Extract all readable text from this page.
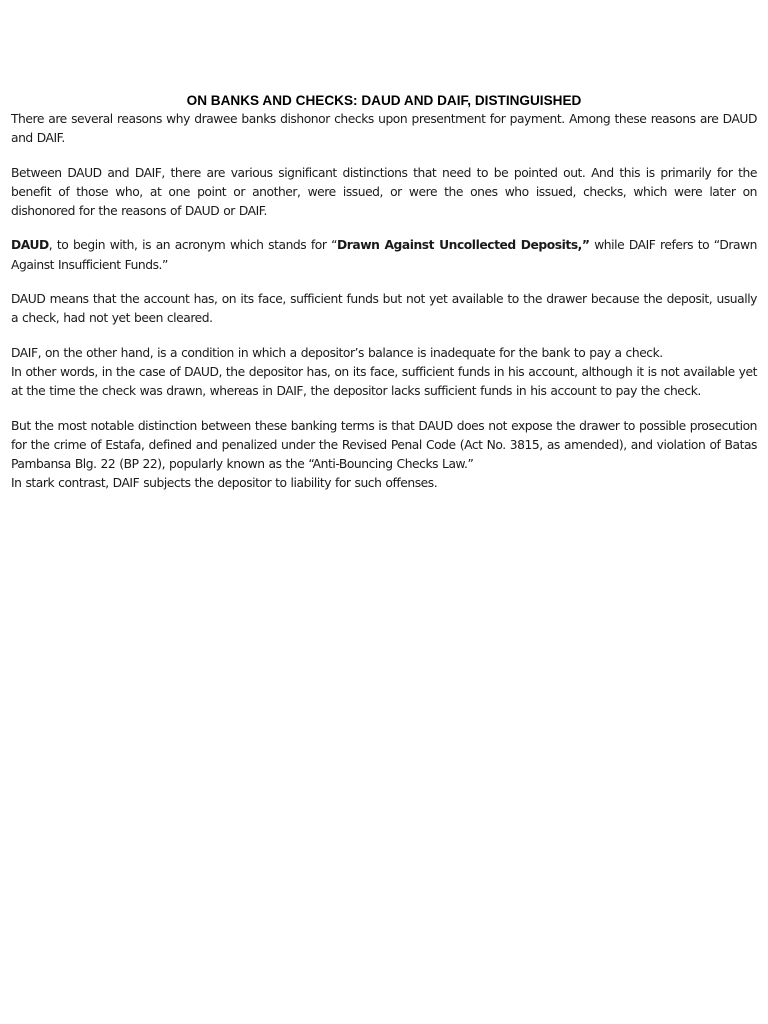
ON BANKS AND CHECKS: DAUD AND DAIF, DISTINGUISHED

There are several reasons why drawee banks dishonor checks upon presentment for payment. Among these reasons are DAUD and DAIF.

Between DAUD and DAIF, there are various significant distinctions that need to be pointed out. And this is primarily for the benefit of those who, at one point or another, were issued, or were the ones who issued, checks, which were later on dishonored for the reasons of DAUD or DAIF.

DAUD, to begin with, is an acronym which stands for “Drawn Against Uncollected Deposits,” while DAIF refers to “Drawn Against Insufficient Funds.”

DAUD means that the account has, on its face, sufficient funds but not yet available to the drawer because the deposit, usually a check, had not yet been cleared.

DAIF, on the other hand, is a condition in which a depositor’s balance is inadequate for the bank to pay a check.
In other words, in the case of DAUD, the depositor has, on its face, sufficient funds in his account, although it is not available yet at the time the check was drawn, whereas in DAIF, the depositor lacks sufficient funds in his account to pay the check.

But the most notable distinction between these banking terms is that DAUD does not expose the drawer to possible prosecution for the crime of Estafa, defined and penalized under the Revised Penal Code (Act No. 3815, as amended), and violation of Batas Pambansa Blg. 22 (BP 22), popularly known as the “Anti-Bouncing Checks Law.”
In stark contrast, DAIF subjects the depositor to liability for such offenses.
